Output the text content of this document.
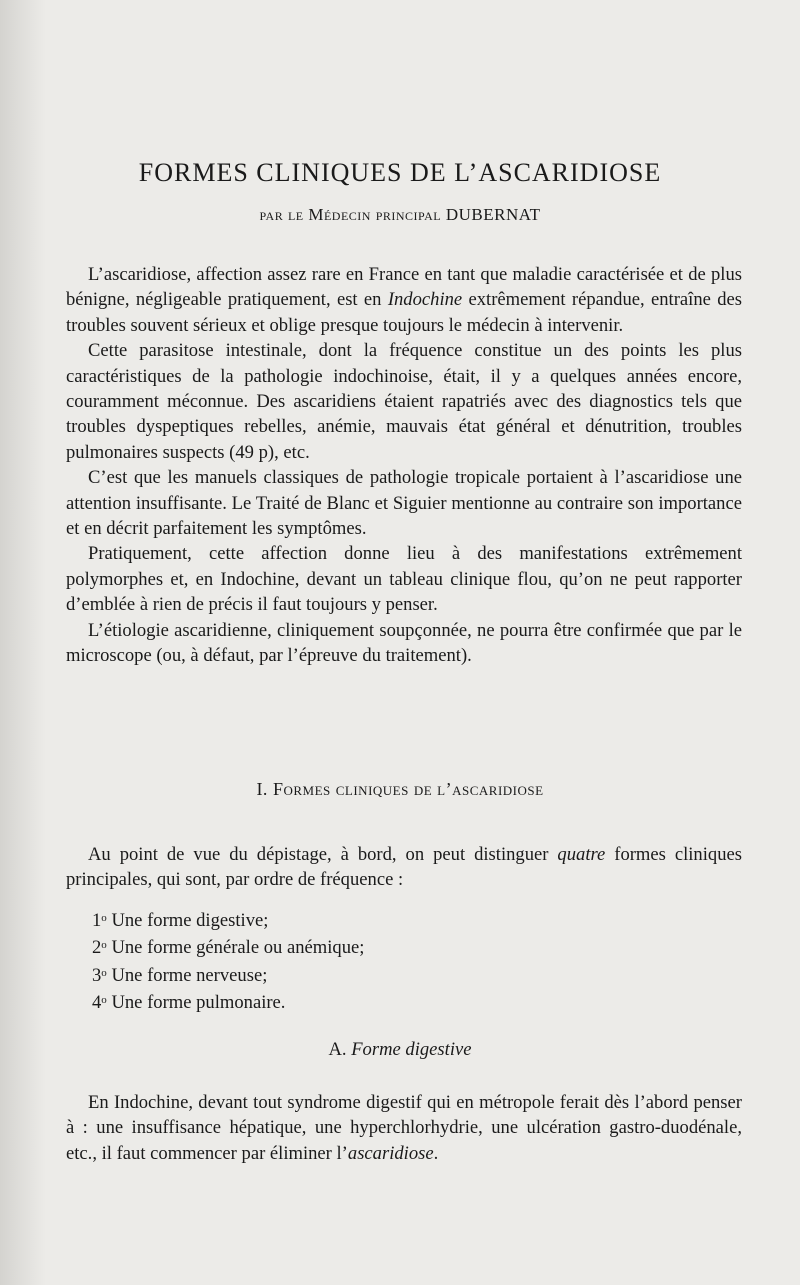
FORMES CLINIQUES DE L’ASCARIDIOSE
par le Médecin principal DUBERNAT

L’ascaridiose, affection assez rare en France en tant que maladie caractérisée et de plus bénigne, négligeable pratiquement, est en Indochine extrêmement répandue, entraîne des troubles souvent sérieux et oblige presque toujours le médecin à intervenir.

Cette parasitose intestinale, dont la fréquence constitue un des points les plus caractéristiques de la pathologie indochinoise, était, il y a quelques années encore, couramment méconnue. Des ascaridiens étaient rapatriés avec des diagnostics tels que troubles dyspeptiques rebelles, anémie, mauvais état général et dénutrition, troubles pulmonaires suspects (49 p), etc.

C’est que les manuels classiques de pathologie tropicale portaient à l’ascaridiose une attention insuffisante. Le Traité de Blanc et Siguier mentionne au contraire son importance et en décrit parfaitement les symptômes.

Pratiquement, cette affection donne lieu à des manifestations extrêmement polymorphes et, en Indochine, devant un tableau clinique flou, qu’on ne peut rapporter d’emblée à rien de précis il faut toujours y penser.

L’étiologie ascaridienne, cliniquement soupçonnée, ne pourra être confirmée que par le microscope (ou, à défaut, par l’épreuve du traitement).

I. Formes cliniques de l’ascaridiose

Au point de vue du dépistage, à bord, on peut distinguer quatre formes cliniques principales, qui sont, par ordre de fréquence :

1$^o$ Une forme digestive;
2$^o$ Une forme générale ou anémique;
3$^o$ Une forme nerveuse;
4$^o$ Une forme pulmonaire.
A. Forme digestive

En Indochine, devant tout syndrome digestif qui en métropole ferait dès l’abord penser à : une insuffisance hépatique, une hyperchlorhydrie, une ulcération gastro-duodénale, etc., il faut commencer par éliminer l’ascaridiose.
